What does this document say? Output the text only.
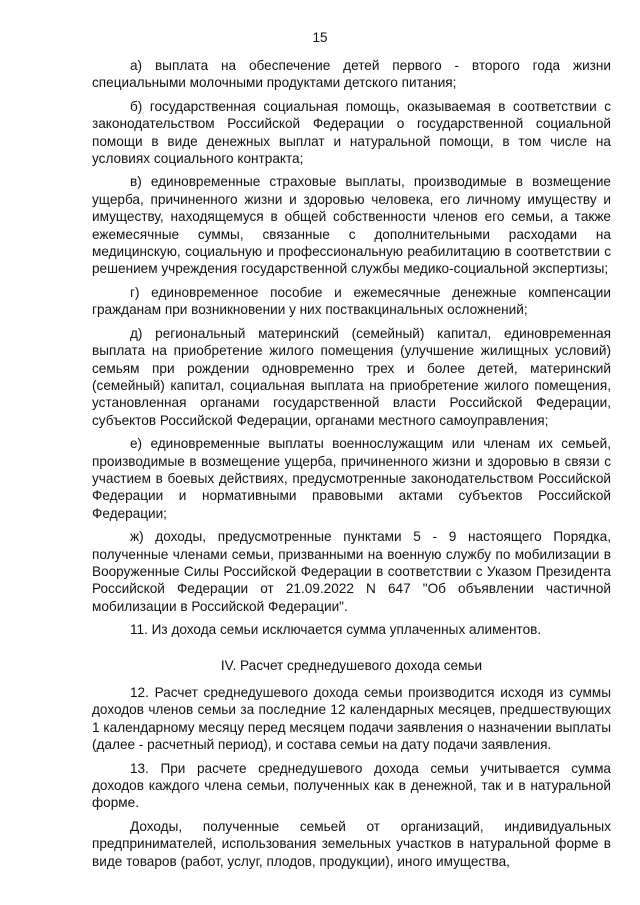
15

а) выплата на обеспечение детей первого - второго года жизни специальными молочными продуктами детского питания;

б) государственная социальная помощь, оказываемая в соответствии с законодательством Российской Федерации о государственной социальной помощи в виде денежных выплат и натуральной помощи, в том числе на условиях социального контракта;

в) единовременные страховые выплаты, производимые в возмещение ущерба, причиненного жизни и здоровью человека, его личному имуществу и имуществу, находящемуся в общей собственности членов его семьи, а также ежемесячные суммы, связанные с дополнительными расходами на медицинскую, социальную и профессиональную реабилитацию в соответствии с решением учреждения государственной службы медико-социальной экспертизы;

г) единовременное пособие и ежемесячные денежные компенсации гражданам при возникновении у них поствакцинальных осложнений;

д) региональный материнский (семейный) капитал, единовременная выплата на приобретение жилого помещения (улучшение жилищных условий) семьям при рождении одновременно трех и более детей, материнский (семейный) капитал, социальная выплата на приобретение жилого помещения, установленная органами государственной власти Российской Федерации, субъектов Российской Федерации, органами местного самоуправления;

е) единовременные выплаты военнослужащим или членам их семьей, производимые в возмещение ущерба, причиненного жизни и здоровью в связи с участием в боевых действиях, предусмотренные законодательством Российской Федерации и нормативными правовыми актами субъектов Российской Федерации;

ж) доходы, предусмотренные пунктами 5 - 9 настоящего Порядка, полученные членами семьи, призванными на военную службу по мобилизации в Вооруженные Силы Российской Федерации в соответствии с Указом Президента Российской Федерации от 21.09.2022 N 647 "Об объявлении частичной мобилизации в Российской Федерации".

11. Из дохода семьи исключается сумма уплаченных алиментов.

IV. Расчет среднедушевого дохода семьи

12. Расчет среднедушевого дохода семьи производится исходя из суммы доходов членов семьи за последние 12 календарных месяцев, предшествующих 1 календарному месяцу перед месяцем подачи заявления о назначении выплаты (далее - расчетный период), и состава семьи на дату подачи заявления.

13. При расчете среднедушевого дохода семьи учитывается сумма доходов каждого члена семьи, полученных как в денежной, так и в натуральной форме.

Доходы, полученные семьей от организаций, индивидуальных предпринимателей, использования земельных участков в натуральной форме в виде товаров (работ, услуг, плодов, продукции), иного имущества,
